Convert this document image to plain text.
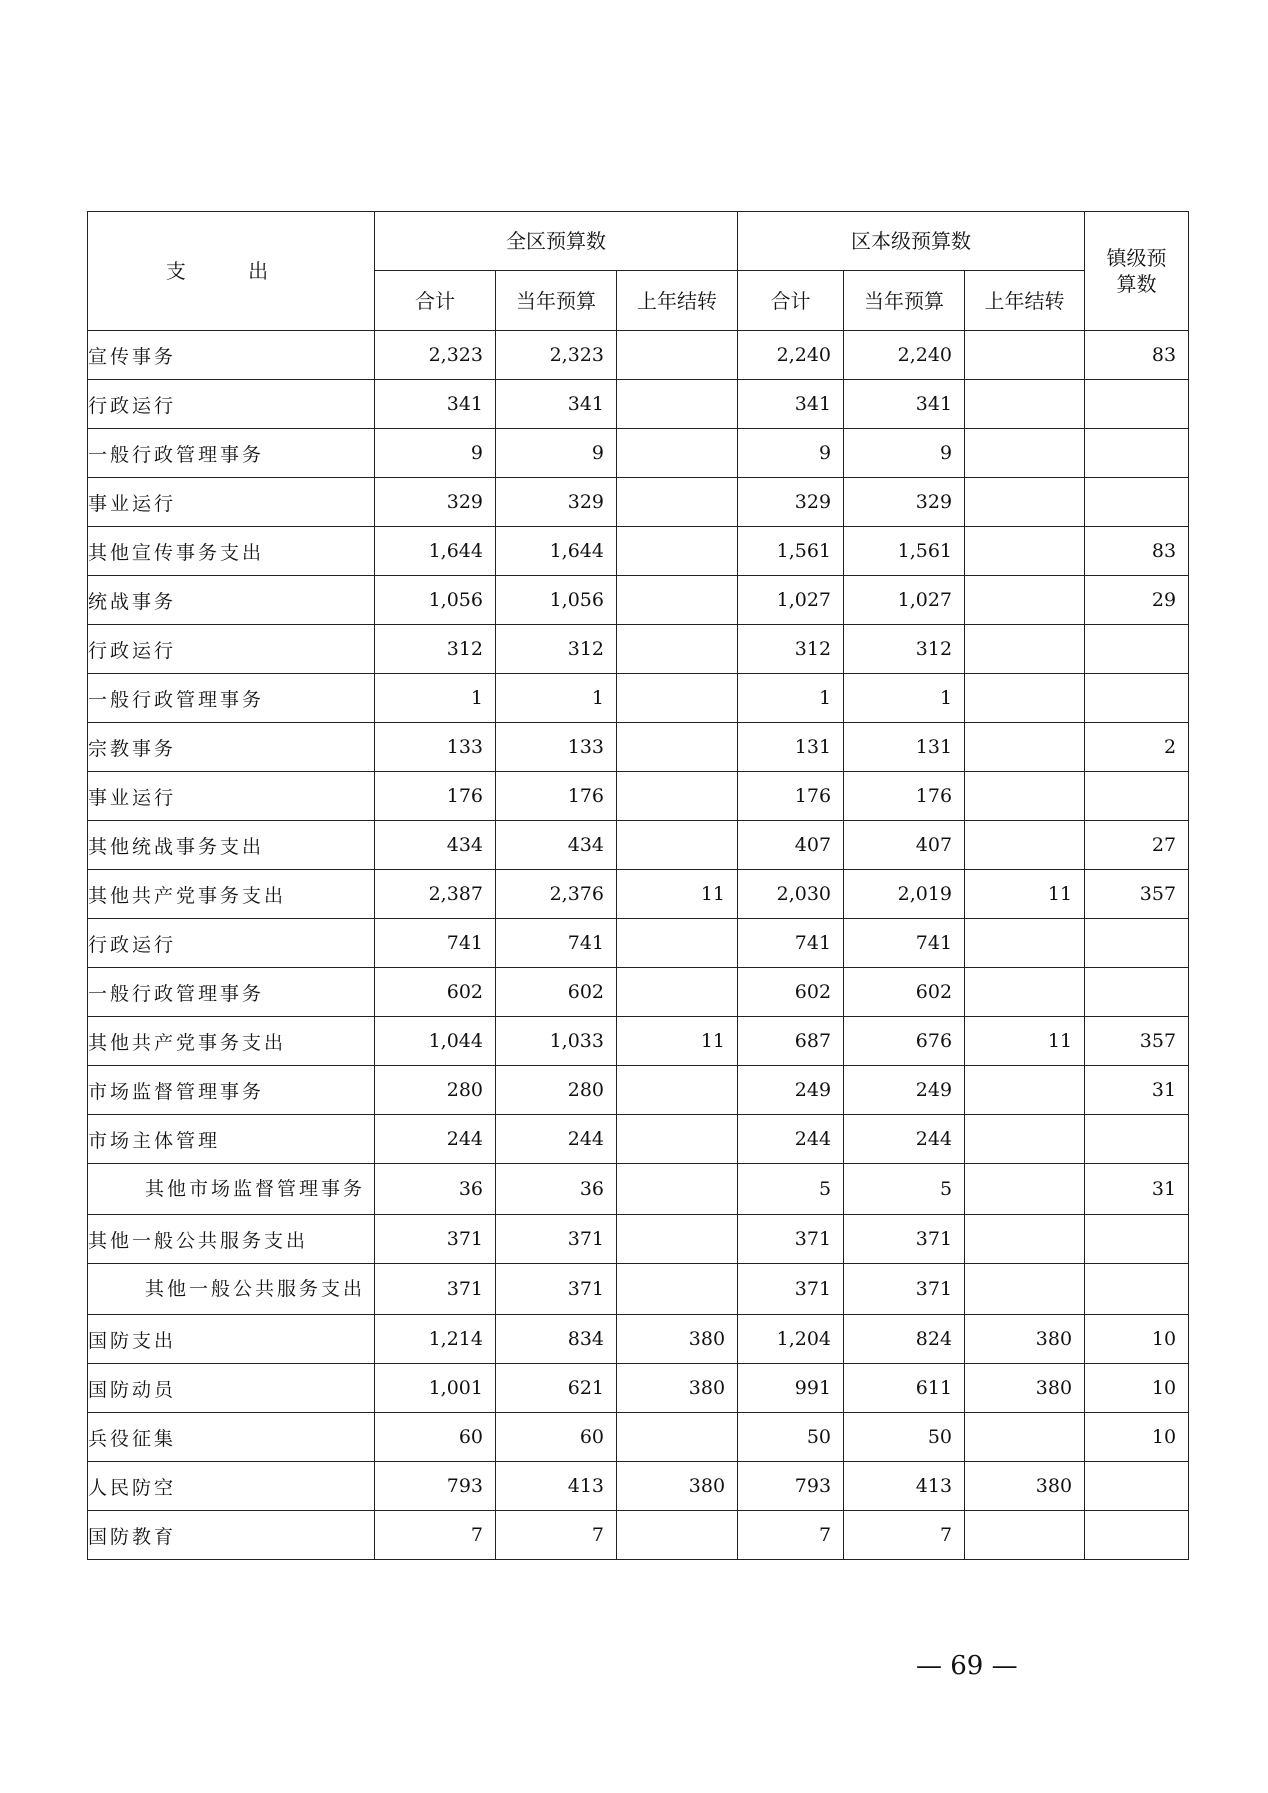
支 出	全区预算数			区本级预算数			镇级预算数
	合计	当年预算	上年结转	合计	当年预算	上年结转	
宣传事务	2,323	2,323		2,240	2,240		83
行政运行	341	341		341	341		
一般行政管理事务	9	9		9	9		
事业运行	329	329		329	329		
其他宣传事务支出	1,644	1,644		1,561	1,561		83
统战事务	1,056	1,056		1,027	1,027		29
行政运行	312	312		312	312		
一般行政管理事务	1	1		1	1		
宗教事务	133	133		131	131		2
事业运行	176	176		176	176		
其他统战事务支出	434	434		407	407		27
其他共产党事务支出	2,387	2,376	11	2,030	2,019	11	357
行政运行	741	741		741	741		
一般行政管理事务	602	602		602	602		
其他共产党事务支出	1,044	1,033	11	687	676	11	357
市场监督管理事务	280	280		249	249		31
市场主体管理	244	244		244	244		
其他市场监督管理事务	36	36		5	5		31
其他一般公共服务支出	371	371		371	371		
其他一般公共服务支出	371	371		371	371		
国防支出	1,214	834	380	1,204	824	380	10
国防动员	1,001	621	380	991	611	380	10
兵役征集	60	60		50	50		10
人民防空	793	413	380	793	413	380	
国防教育	7	7		7	7		
— 69 —
